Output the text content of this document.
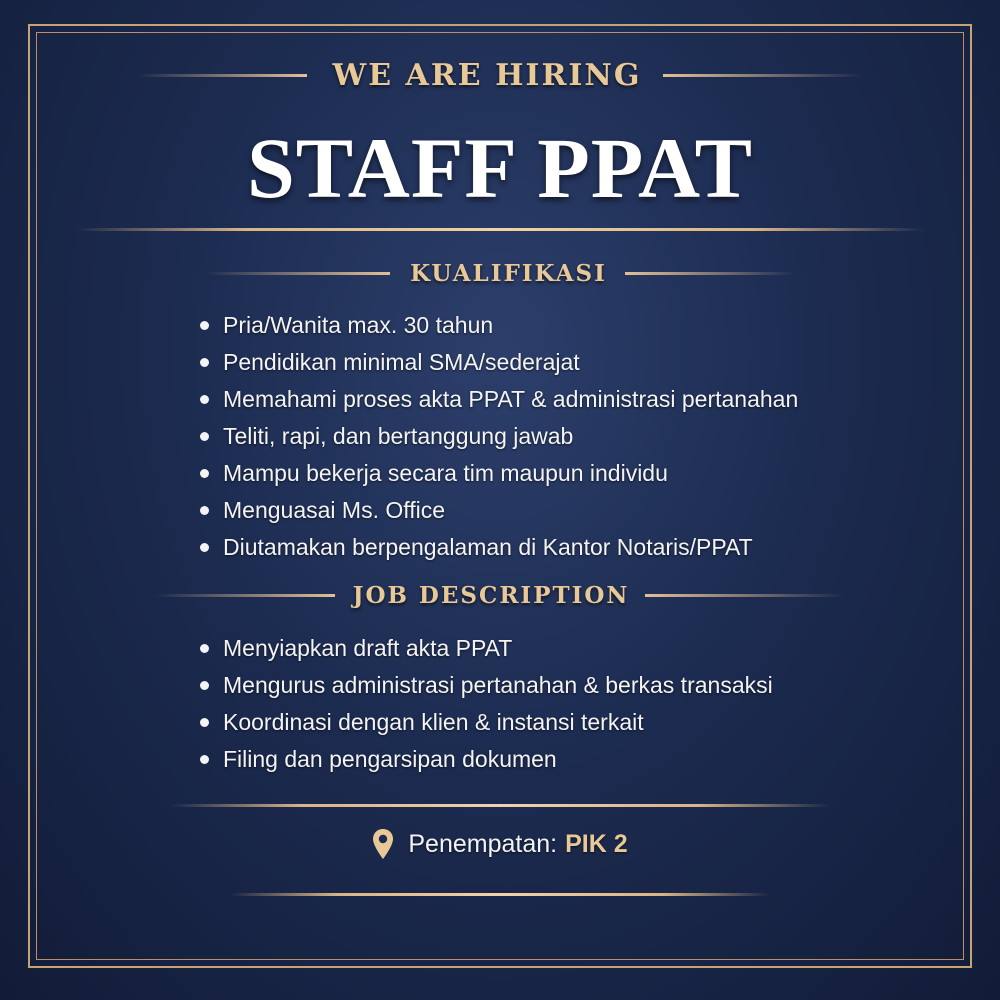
WE ARE HIRING
STAFF PPAT
KUALIFIKASI
Pria/Wanita max. 30 tahun
Pendidikan minimal SMA/sederajat
Memahami proses akta PPAT & administrasi pertanahan
Teliti, rapi, dan bertanggung jawab
Mampu bekerja secara tim maupun individu
Menguasai Ms. Office
Diutamakan berpengalaman di Kantor Notaris/PPAT
JOB DESCRIPTION
Menyiapkan draft akta PPAT
Mengurus administrasi pertanahan & berkas transaksi
Koordinasi dengan klien & instansi terkait
Filing dan pengarsipan dokumen
Penempatan: PIK 2
